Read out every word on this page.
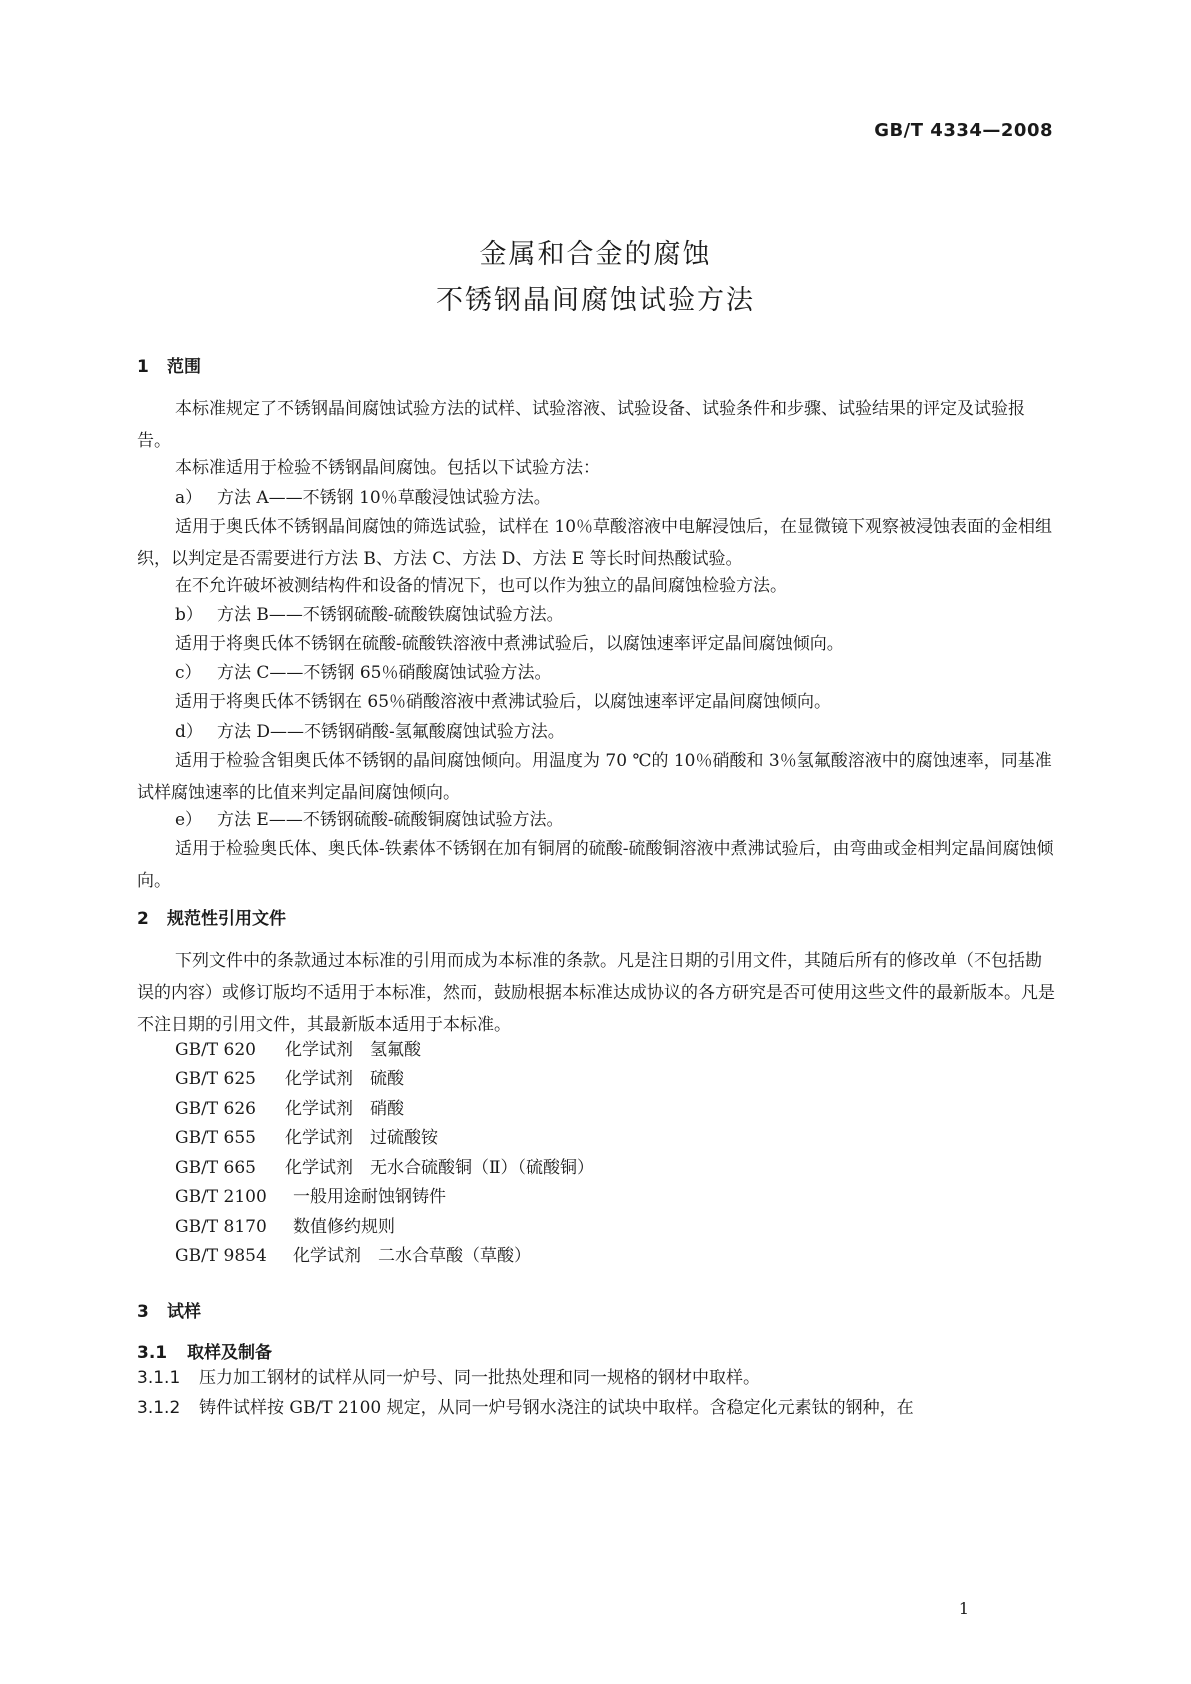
GB/T 4334—2008
金属和合金的腐蚀
不锈钢晶间腐蚀试验方法
1 范围
本标准规定了不锈钢晶间腐蚀试验方法的试样、试验溶液、试验设备、试验条件和步骤、试验结果的评定及试验报告。
本标准适用于检验不锈钢晶间腐蚀。包括以下试验方法：
a） 方法 A——不锈钢 10％草酸浸蚀试验方法。
适用于奥氏体不锈钢晶间腐蚀的筛选试验，试样在 10％草酸溶液中电解浸蚀后，在显微镜下观察被浸蚀表面的金相组织，以判定是否需要进行方法 B、方法 C、方法 D、方法 E 等长时间热酸试验。
在不允许破坏被测结构件和设备的情况下，也可以作为独立的晶间腐蚀检验方法。
b） 方法 B——不锈钢硫酸-硫酸铁腐蚀试验方法。
适用于将奥氏体不锈钢在硫酸-硫酸铁溶液中煮沸试验后，以腐蚀速率评定晶间腐蚀倾向。
c） 方法 C——不锈钢 65％硝酸腐蚀试验方法。
适用于将奥氏体不锈钢在 65％硝酸溶液中煮沸试验后，以腐蚀速率评定晶间腐蚀倾向。
d） 方法 D——不锈钢硝酸-氢氟酸腐蚀试验方法。
适用于检验含钼奥氏体不锈钢的晶间腐蚀倾向。用温度为 70 ℃的 10％硝酸和 3％氢氟酸溶液中的腐蚀速率，同基准试样腐蚀速率的比值来判定晶间腐蚀倾向。
e） 方法 E——不锈钢硫酸-硫酸铜腐蚀试验方法。
适用于检验奥氏体、奥氏体-铁素体不锈钢在加有铜屑的硫酸-硫酸铜溶液中煮沸试验后，由弯曲或金相判定晶间腐蚀倾向。
2 规范性引用文件
下列文件中的条款通过本标准的引用而成为本标准的条款。凡是注日期的引用文件，其随后所有的修改单（不包括勘误的内容）或修订版均不适用于本标准，然而，鼓励根据本标准达成协议的各方研究是否可使用这些文件的最新版本。凡是不注日期的引用文件，其最新版本适用于本标准。
GB/T 620 化学试剂　氢氟酸
GB/T 625 化学试剂　硫酸
GB/T 626 化学试剂　硝酸
GB/T 655 化学试剂　过硫酸铵
GB/T 665 化学试剂　无水合硫酸铜（Ⅱ）（硫酸铜）
GB/T 2100 一般用途耐蚀钢铸件
GB/T 8170 数值修约规则
GB/T 9854 化学试剂　二水合草酸（草酸）
3 试样
3.1 取样及制备
3.1.1 压力加工钢材的试样从同一炉号、同一批热处理和同一规格的钢材中取样。
3.1.2 铸件试样按 GB/T 2100 规定，从同一炉号钢水浇注的试块中取样。含稳定化元素钛的钢种，在
1
